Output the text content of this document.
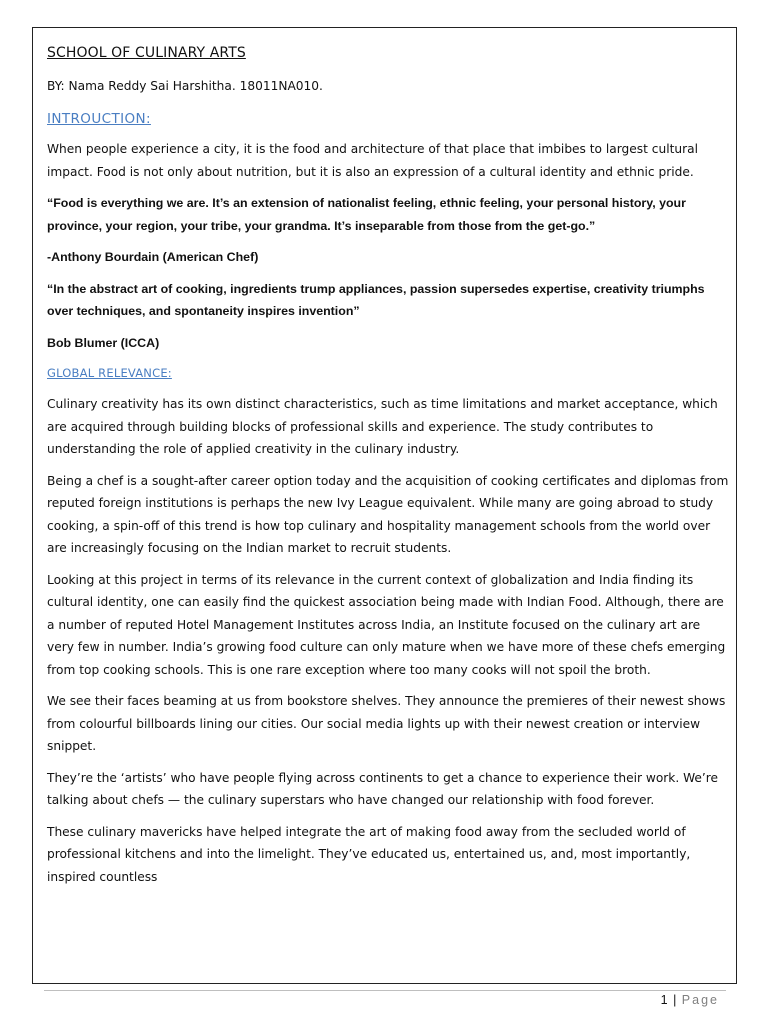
SCHOOL OF CULINARY ARTS
BY: Nama Reddy Sai Harshitha. 18011NA010.
INTROUCTION:

When people experience a city, it is the food and architecture of that place that imbibes to largest cultural impact. Food is not only about nutrition, but it is also an expression of a cultural identity and ethnic pride.

“Food is everything we are. It’s an extension of nationalist feeling, ethnic feeling, your personal history, your province, your region, your tribe, your grandma. It’s inseparable from those from the get-go.”

-Anthony Bourdain (American Chef)

“In the abstract art of cooking, ingredients trump appliances, passion supersedes expertise, creativity triumphs over techniques, and spontaneity inspires invention”

Bob Blumer (ICCA)

GLOBAL RELEVANCE:

Culinary creativity has its own distinct characteristics, such as time limitations and market acceptance, which are acquired through building blocks of professional skills and experience. The study contributes to understanding the role of applied creativity in the culinary industry.

Being a chef is a sought-after career option today and the acquisition of cooking certificates and diplomas from reputed foreign institutions is perhaps the new Ivy League equivalent. While many are going abroad to study cooking, a spin-off of this trend is how top culinary and hospitality management schools from the world over are increasingly focusing on the Indian market to recruit students.

Looking at this project in terms of its relevance in the current context of globalization and India finding its cultural identity, one can easily find the quickest association being made with Indian Food. Although, there are a number of reputed Hotel Management Institutes across India, an Institute focused on the culinary art are very few in number. India’s growing food culture can only mature when we have more of these chefs emerging from top cooking schools. This is one rare exception where too many cooks will not spoil the broth.

We see their faces beaming at us from bookstore shelves. They announce the premieres of their newest shows from colourful billboards lining our cities. Our social media lights up with their newest creation or interview snippet.

They’re the ‘artists’ who have people flying across continents to get a chance to experience their work. We’re talking about chefs — the culinary superstars who have changed our relationship with food forever.

These culinary mavericks have helped integrate the art of making food away from the secluded world of professional kitchens and into the limelight. They’ve educated us, entertained us, and, most importantly, inspired countless

1 | Page
